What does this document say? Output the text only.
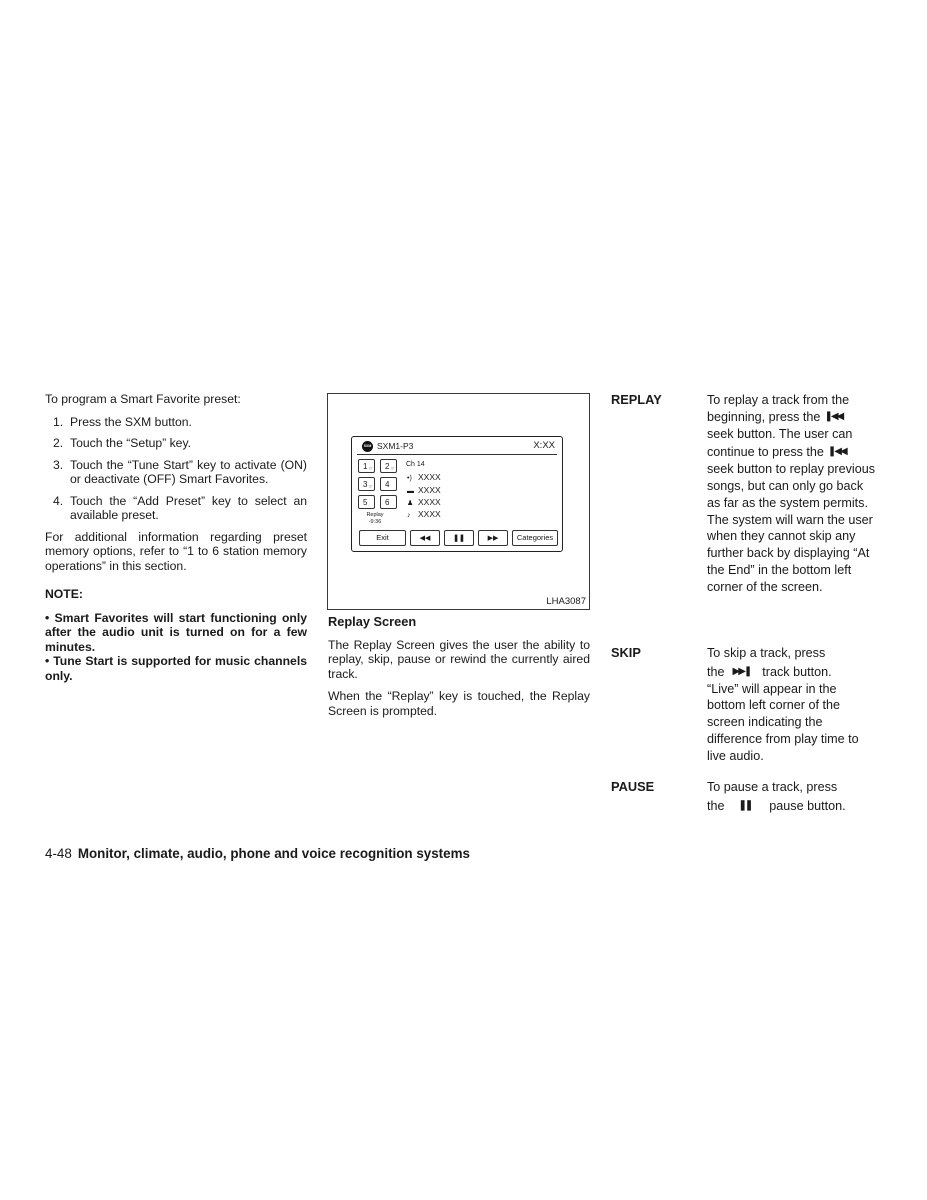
To program a Smart Favorite preset:

1. Press the SXM button.
2. Touch the “Setup” key.
3. Touch the “Tune Start” key to activate (ON) or deactivate (OFF) Smart Favorites.
4. Touch the “Add Preset” key to select an available preset.

For additional information regarding preset memory options, refer to “1 to 6 station memory operations” in this section.

NOTE:

• Smart Favorites will start functioning only after the audio unit is turned on for a few minutes.

• Tune Start is supported for music channels only.

SXM SXM1-P3	X:XX
1 ☞	2 ☞
3 ☞	4
5	6
Replay
-9:36
Ch 14
•) XXXX
▬ XXXX
♟ XXXX
♪ XXXX
Exit	◀◀	❚❚	▶▶	Categories
LHA3087

Replay Screen

The Replay Screen gives the user the ability to replay, skip, pause or rewind the currently aired track.

When the “Replay” key is touched, the Replay Screen is prompted.

REPLAY	To replay a track from the
beginning, press the ❚◀◀
seek button. The user can
continue to press the ❚◀◀
seek button to replay previous songs, but can only go back as far as the system permits. The system will warn the user when they cannot skip any further back by displaying “At the End” in the bottom left corner of the screen.
SKIP	To skip a track, press
the ▶▶❚ track button.
“Live” will appear in the bottom left corner of the screen indicating the difference from play time to live audio.
PAUSE	To pause a track, press
the ❚❚ pause button.
4-48 Monitor, climate, audio, phone and voice recognition systems
